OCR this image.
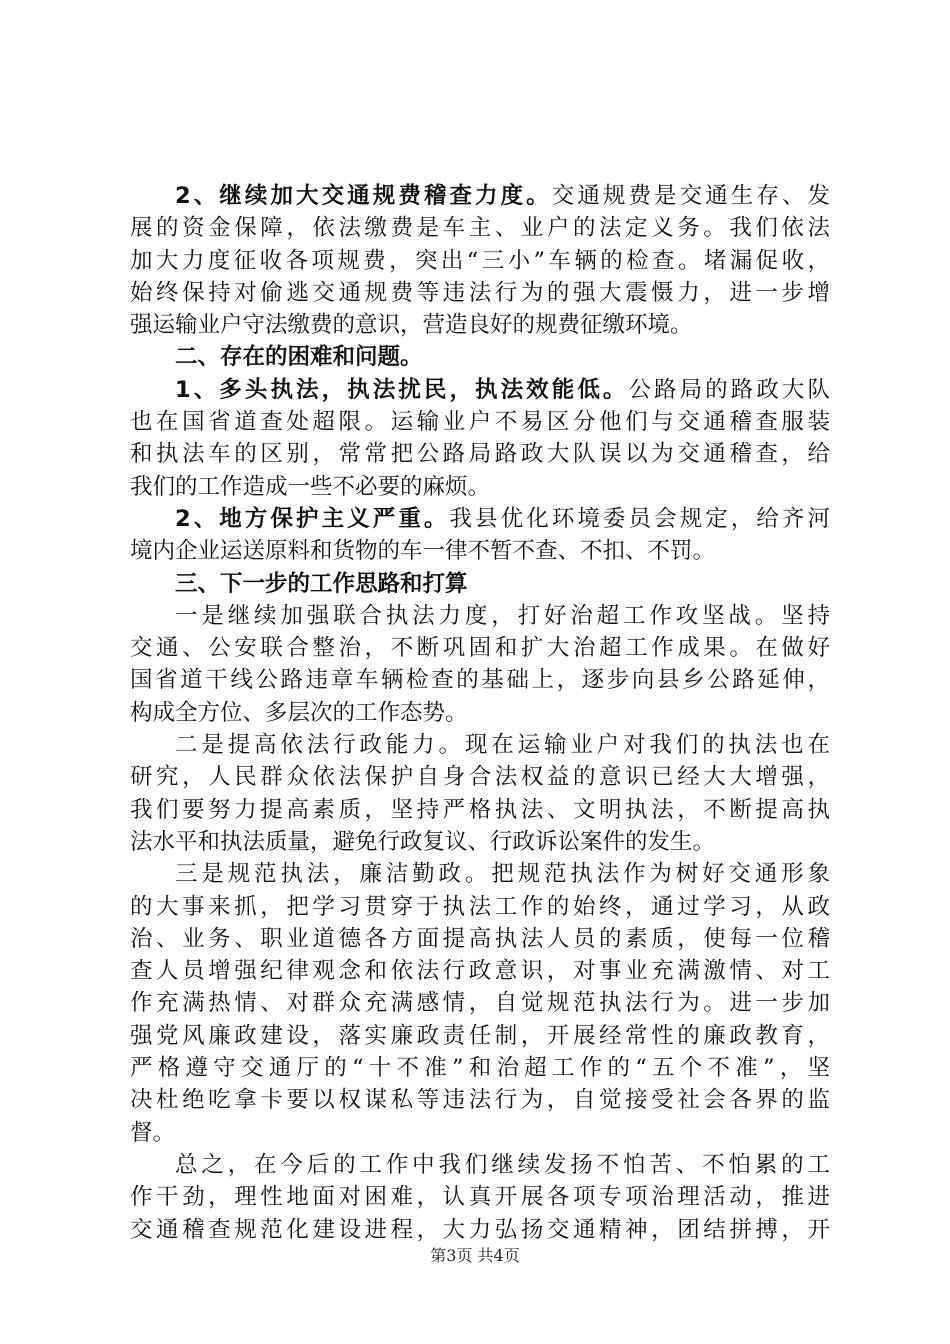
2、继续加大交通规费稽查力度。交通规费是交通生存、发
展的资金保障，依法缴费是车主、业户的法定义务。我们依法
加大力度征收各项规费，突出“三小”车辆的检查。堵漏促收，
始终保持对偷逃交通规费等违法行为的强大震慑力，进一步增
强运输业户守法缴费的意识，营造良好的规费征缴环境。
二、存在的困难和问题。
1、多头执法，执法扰民，执法效能低。公路局的路政大队
也在国省道查处超限。运输业户不易区分他们与交通稽查服装
和执法车的区别，常常把公路局路政大队误以为交通稽查，给
我们的工作造成一些不必要的麻烦。
2、地方保护主义严重。我县优化环境委员会规定，给齐河
境内企业运送原料和货物的车一律不暂不查、不扣、不罚。
三、下一步的工作思路和打算
一是继续加强联合执法力度，打好治超工作攻坚战。坚持
交通、公安联合整治，不断巩固和扩大治超工作成果。在做好
国省道干线公路违章车辆检查的基础上，逐步向县乡公路延伸，
构成全方位、多层次的工作态势。
二是提高依法行政能力。现在运输业户对我们的执法也在
研究，人民群众依法保护自身合法权益的意识已经大大增强，
我们要努力提高素质，坚持严格执法、文明执法，不断提高执
法水平和执法质量，避免行政复议、行政诉讼案件的发生。
三是规范执法，廉洁勤政。把规范执法作为树好交通形象
的大事来抓，把学习贯穿于执法工作的始终，通过学习，从政
治、业务、职业道德各方面提高执法人员的素质，使每一位稽
查人员增强纪律观念和依法行政意识，对事业充满激情、对工
作充满热情、对群众充满感情，自觉规范执法行为。进一步加
强党风廉政建设，落实廉政责任制，开展经常性的廉政教育，
严格遵守交通厅的“十不准”和治超工作的“五个不准”，坚
决杜绝吃拿卡要以权谋私等违法行为，自觉接受社会各界的监
督。
总之，在今后的工作中我们继续发扬不怕苦、不怕累的工
作干劲，理性地面对困难，认真开展各项专项治理活动，推进
交通稽查规范化建设进程，大力弘扬交通精神，团结拼搏，开
第3页 共4页
